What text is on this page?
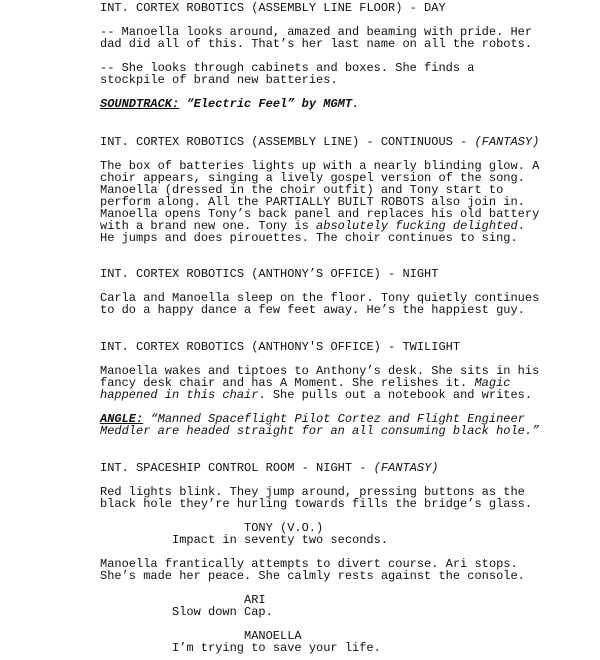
INT. CORTEX ROBOTICS (ASSEMBLY LINE FLOOR) - DAY
-- Manoella looks around, amazed and beaming with pride. Her
dad did all of this. That’s her last name on all the robots.
-- She looks through cabinets and boxes. She finds a
stockpile of brand new batteries.
SOUNDTRACK: “Electric Feel” by MGMT.
INT. CORTEX ROBOTICS (ASSEMBLY LINE) - CONTINUOUS - (FANTASY)
The box of batteries lights up with a nearly blinding glow. A
choir appears, singing a lively gospel version of the song.
Manoella (dressed in the choir outfit) and Tony start to
perform along. All the PARTIALLY BUILT ROBOTS also join in.
Manoella opens Tony’s back panel and replaces his old battery
with a brand new one. Tony is absolutely fucking delighted.
He jumps and does pirouettes. The choir continues to sing.
INT. CORTEX ROBOTICS (ANTHONY’S OFFICE) - NIGHT
Carla and Manoella sleep on the floor. Tony quietly continues
to do a happy dance a few feet away. He’s the happiest guy.
INT. CORTEX ROBOTICS (ANTHONY'S OFFICE) - TWILIGHT
Manoella wakes and tiptoes to Anthony’s desk. She sits in his
fancy desk chair and has A Moment. She relishes it. Magic
happened in this chair. She pulls out a notebook and writes.
ANGLE: “Manned Spaceflight Pilot Cortez and Flight Engineer
Meddler are headed straight for an all consuming black hole.”
INT. SPACESHIP CONTROL ROOM - NIGHT - (FANTASY)
Red lights blink. They jump around, pressing buttons as the
black hole they’re hurling towards fills the bridge’s glass.
TONY (V.O.)
Impact in seventy two seconds.
Manoella frantically attempts to divert course. Ari stops.
She’s made her peace. She calmly rests against the console.
ARI
Slow down Cap.
MANOELLA
I’m trying to save your life.
